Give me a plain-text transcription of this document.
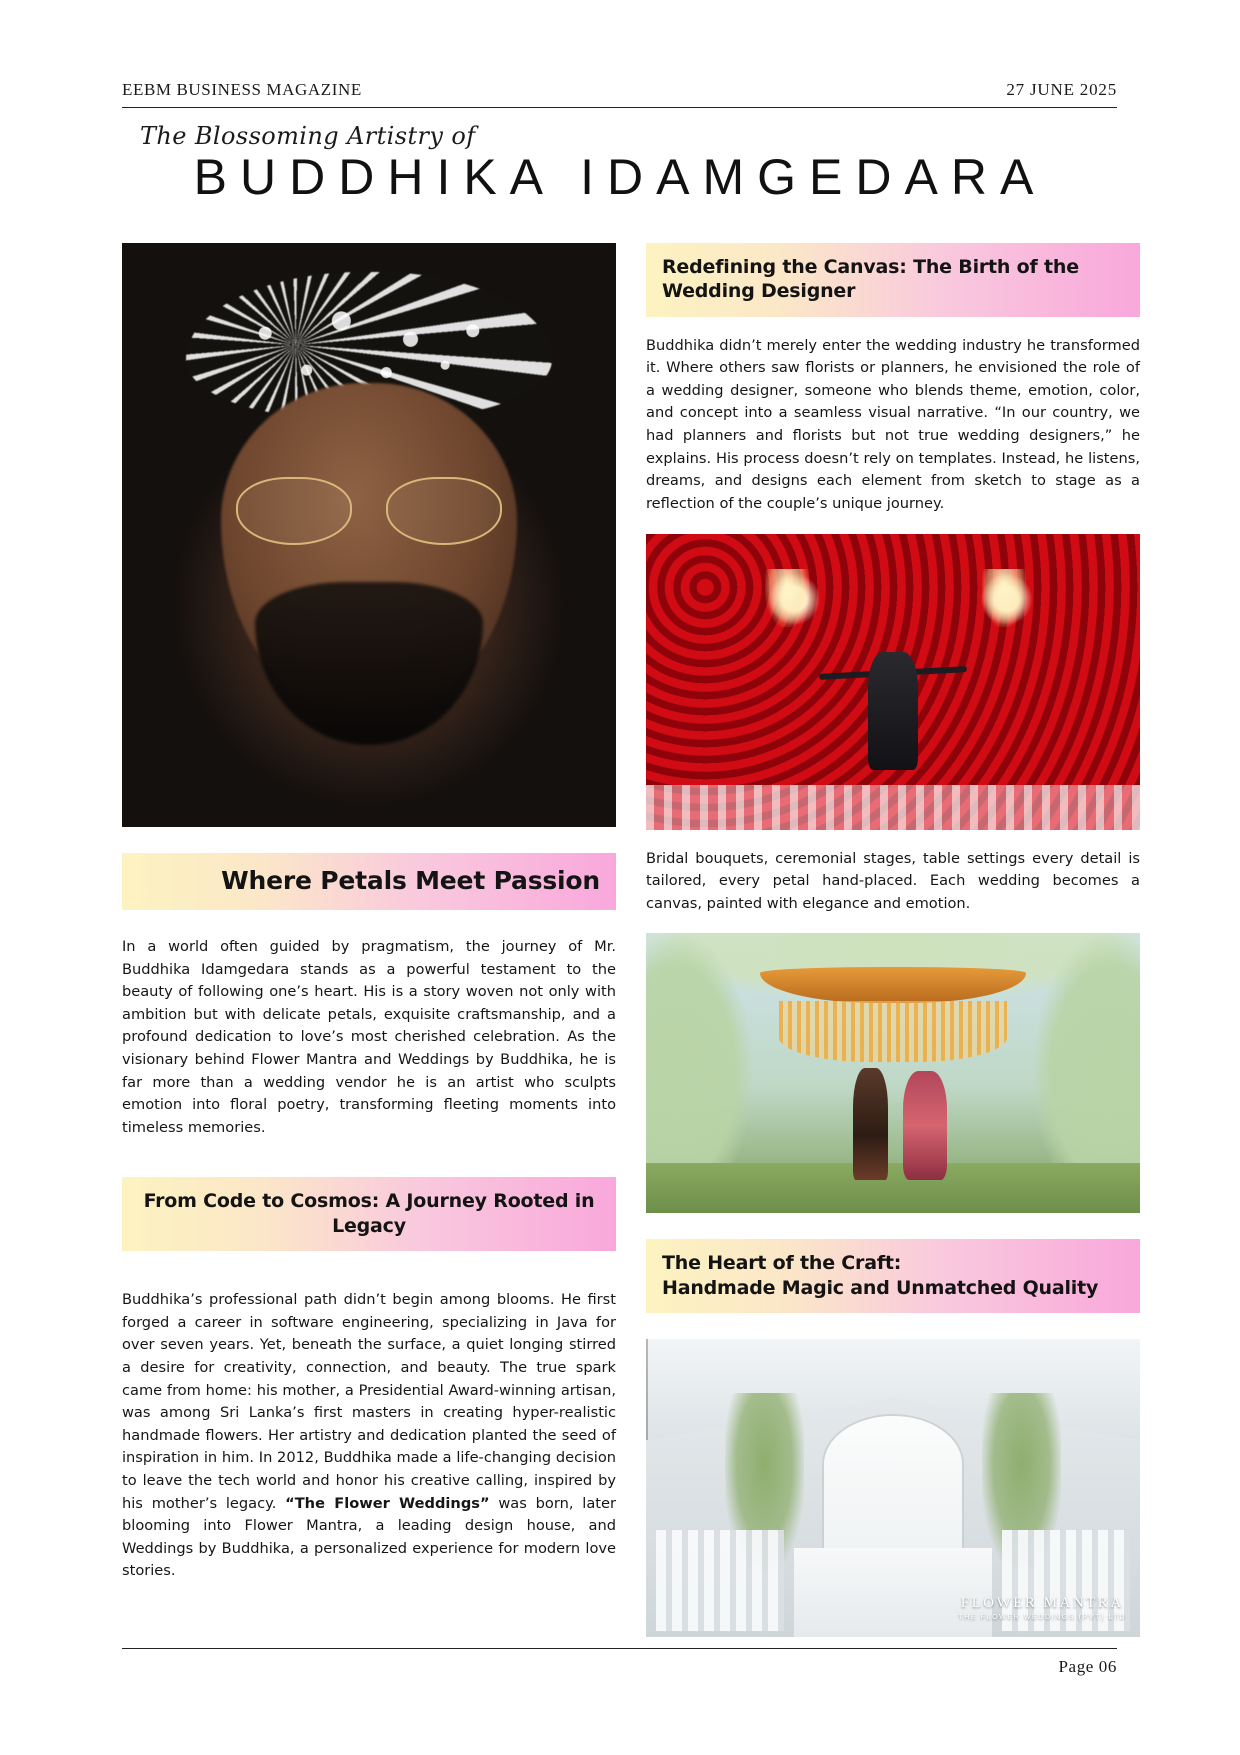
EEBM BUSINESS MAGAZINE	27 JUNE 2025
The Blossoming Artistry of
BUDDHIKA IDAMGEDARA
Where Petals Meet Passion

In a world often guided by pragmatism, the journey of Mr. Buddhika Idamgedara stands as a powerful testament to the beauty of following one’s heart. His is a story woven not only with ambition but with delicate petals, exquisite craftsmanship, and a profound dedication to love’s most cherished celebration. As the visionary behind Flower Mantra and Weddings by Buddhika, he is far more than a wedding vendor he is an artist who sculpts emotion into floral poetry, transforming fleeting moments into timeless memories.

From Code to Cosmos: A Journey Rooted in Legacy

Buddhika’s professional path didn’t begin among blooms. He first forged a career in software engineering, specializing in Java for over seven years. Yet, beneath the surface, a quiet longing stirred a desire for creativity, connection, and beauty. The true spark came from home: his mother, a Presidential Award-winning artisan, was among Sri Lanka’s first masters in creating hyper-realistic handmade flowers. Her artistry and dedication planted the seed of inspiration in him. In 2012, Buddhika made a life-changing decision to leave the tech world and honor his creative calling, inspired by his mother’s legacy. “The Flower Weddings” was born, later blooming into Flower Mantra, a leading design house, and Weddings by Buddhika, a personalized experience for modern love stories.

Redefining the Canvas: The Birth of the Wedding Designer

Buddhika didn’t merely enter the wedding industry he transformed it. Where others saw florists or planners, he envisioned the role of a wedding designer, someone who blends theme, emotion, color, and concept into a seamless visual narrative. “In our country, we had planners and florists but not true wedding designers,” he explains. His process doesn’t rely on templates. Instead, he listens, dreams, and designs each element from sketch to stage as a reflection of the couple’s unique journey.

Bridal bouquets, ceremonial stages, table settings every detail is tailored, every petal hand-placed. Each wedding becomes a canvas, painted with elegance and emotion.

The Heart of the Craft:
Handmade Magic and Unmatched Quality
FLOWER MANTRA
THE FLOWER WEDDINGS (PVT) LTD
Page 06
